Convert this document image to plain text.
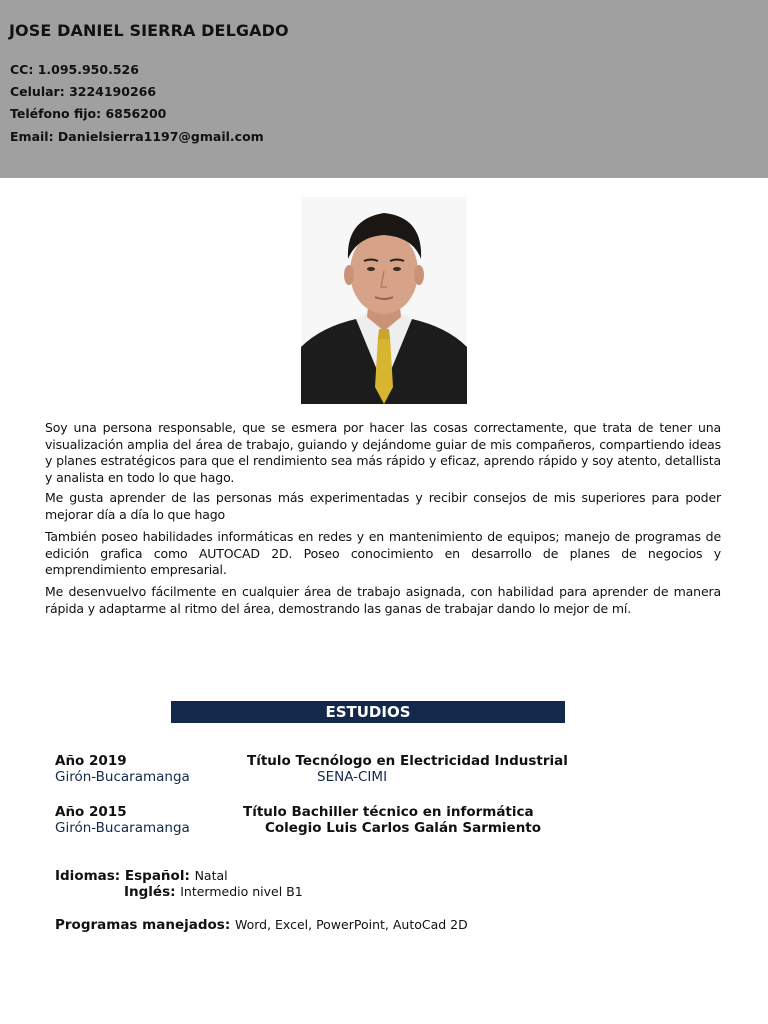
JOSE DANIEL SIERRA DELGADO
CC: 1.095.950.526
Celular: 3224190266
Teléfono fijo: 6856200
Email: Danielsierra1197@gmail.com
Soy una persona responsable, que se esmera por hacer las cosas correctamente, que trata de tener una visualización amplia del área de trabajo, guiando y dejándome guiar de mis compañeros, compartiendo ideas y planes estratégicos para que el rendimiento sea más rápido y eficaz, aprendo rápido y soy atento, detallista y analista en todo lo que hago.
Me gusta aprender de las personas más experimentadas y recibir consejos de mis superiores para poder mejorar día a día lo que hago
También poseo habilidades informáticas en redes y en mantenimiento de equipos; manejo de programas de edición grafica como AUTOCAD 2D. Poseo conocimiento en desarrollo de planes de negocios y emprendimiento empresarial.
Me desenvuelvo fácilmente en cualquier área de trabajo asignada, con habilidad para aprender de manera rápida y adaptarme al ritmo del área, demostrando las ganas de trabajar dando lo mejor de mí.
ESTUDIOS
Año 2019
Girón-Bucaramanga
Título Tecnólogo en Electricidad Industrial
SENA-CIMI
Año 2015
Girón-Bucaramanga
Título Bachiller técnico en informática
Colegio Luis Carlos Galán Sarmiento
Idiomas: Español: Natal
Inglés: Intermedio nivel B1
Programas manejados: Word, Excel, PowerPoint, AutoCad 2D
